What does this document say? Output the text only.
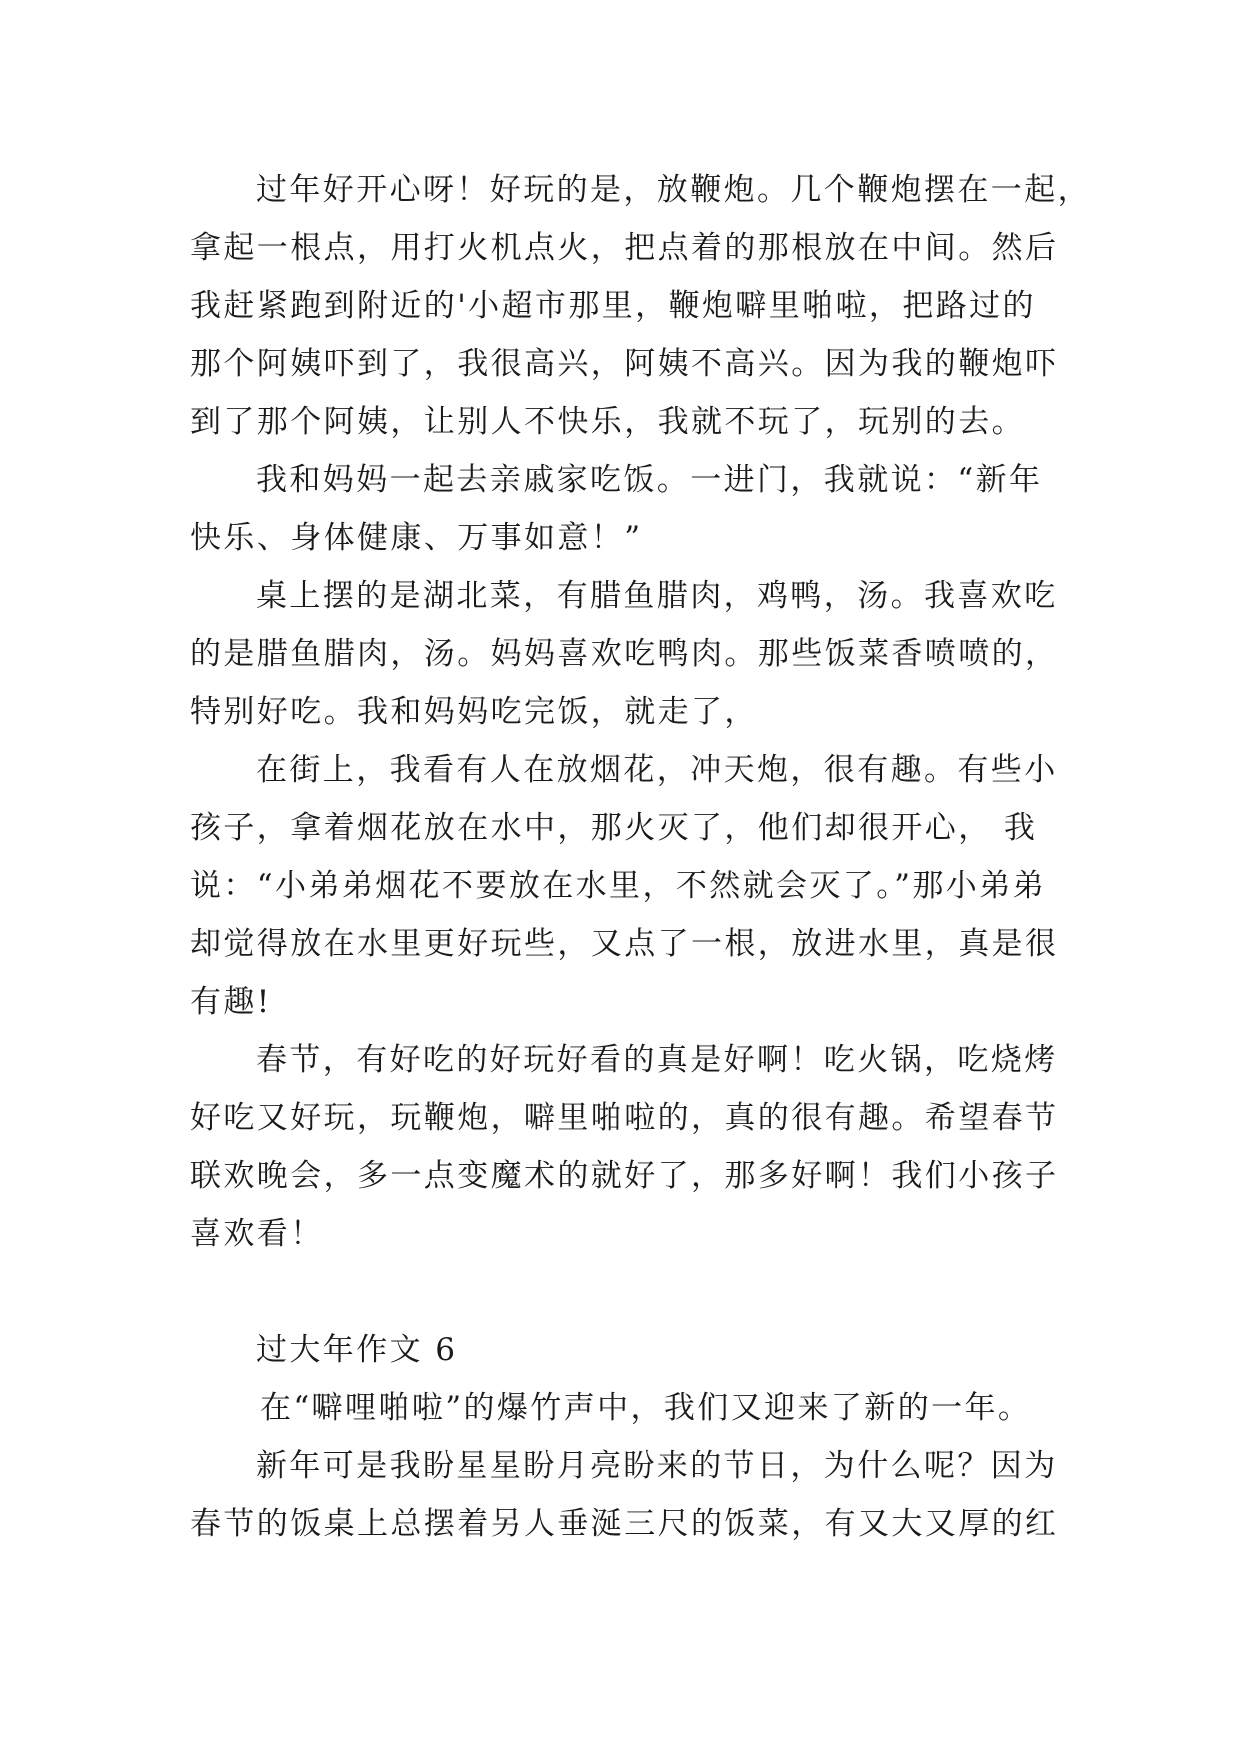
过年好开心呀！好玩的是，放鞭炮。几个鞭炮摆在一起，
拿起一根点，用打火机点火，把点着的那根放在中间。然后
我赶紧跑到附近的'小超市那里，鞭炮噼里啪啦，把路过的
那个阿姨吓到了，我很高兴，阿姨不高兴。因为我的鞭炮吓
到了那个阿姨，让别人不快乐，我就不玩了，玩别的去。
我和妈妈一起去亲戚家吃饭。一进门，我就说：“新年
快乐、身体健康、万事如意！”
桌上摆的是湖北菜，有腊鱼腊肉，鸡鸭，汤。我喜欢吃
的是腊鱼腊肉，汤。妈妈喜欢吃鸭肉。那些饭菜香喷喷的，
特别好吃。我和妈妈吃完饭，就走了，
在街上，我看有人在放烟花，冲天炮，很有趣。有些小
孩子，拿着烟花放在水中，那火灭了，他们却很开心， 我
说：“小弟弟烟花不要放在水里，不然就会灭了。”那小弟弟
却觉得放在水里更好玩些，又点了一根，放进水里，真是很
有趣!
春节，有好吃的好玩好看的真是好啊！吃火锅，吃烧烤
好吃又好玩，玩鞭炮，噼里啪啦的，真的很有趣。希望春节
联欢晚会，多一点变魔术的就好了，那多好啊！我们小孩子
喜欢看！
过大年作文 6
在“噼哩啪啦”的爆竹声中，我们又迎来了新的一年。
新年可是我盼星星盼月亮盼来的节日，为什么呢？因为
春节的饭桌上总摆着另人垂涎三尺的饭菜，有又大又厚的红
